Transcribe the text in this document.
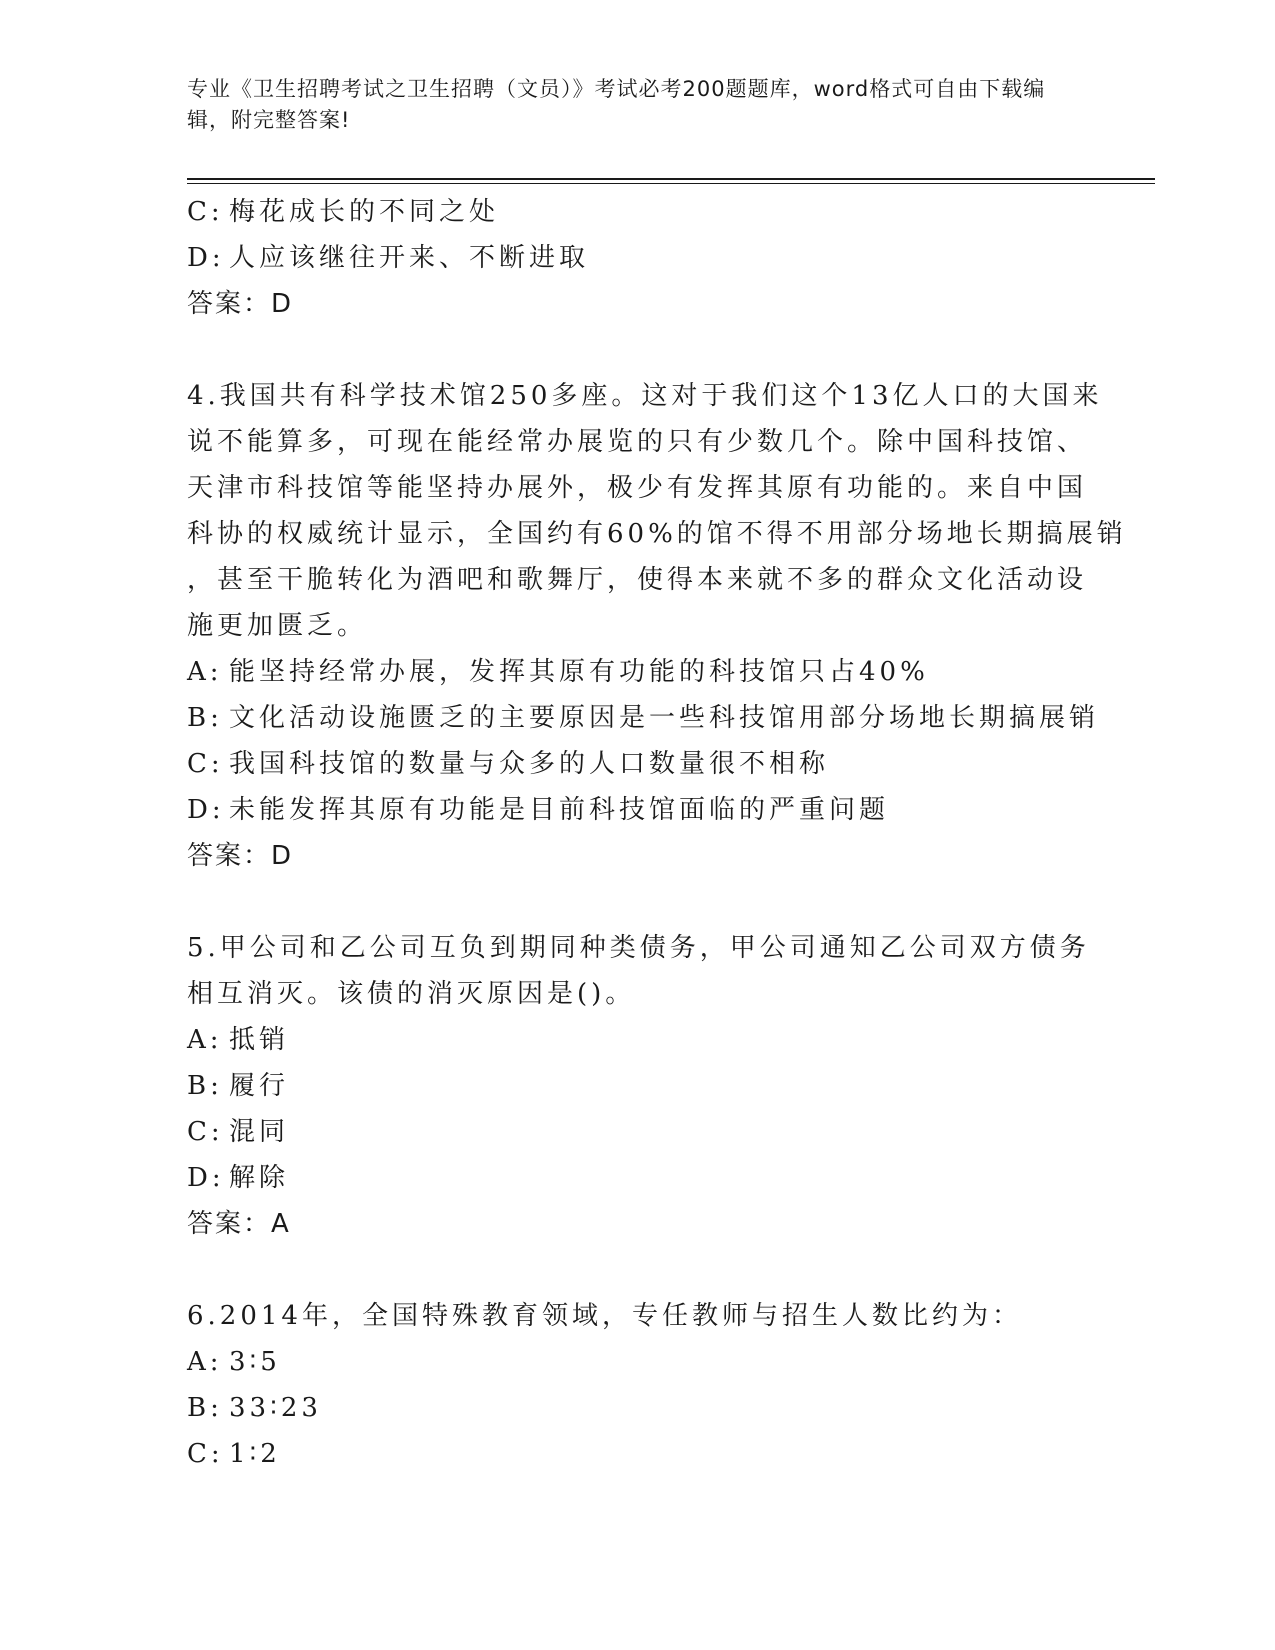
专业《卫生招聘考试之卫生招聘（文员）》考试必考200题题库，word格式可自由下载编辑，附完整答案!
C: 梅花成长的不同之处
D: 人应该继往开来、不断进取
答案：D
4.我国共有科学技术馆250多座。这对于我们这个13亿人口的大国来
说不能算多，可现在能经常办展览的只有少数几个。除中国科技馆、
天津市科技馆等能坚持办展外，极少有发挥其原有功能的。来自中国
科协的权威统计显示，全国约有60%的馆不得不用部分场地长期搞展销
，甚至干脆转化为酒吧和歌舞厅，使得本来就不多的群众文化活动设
施更加匮乏。
A: 能坚持经常办展，发挥其原有功能的科技馆只占40%
B: 文化活动设施匮乏的主要原因是一些科技馆用部分场地长期搞展销
C: 我国科技馆的数量与众多的人口数量很不相称
D: 未能发挥其原有功能是目前科技馆面临的严重问题
答案：D
5.甲公司和乙公司互负到期同种类债务，甲公司通知乙公司双方债务
相互消灭。该债的消灭原因是()。
A: 抵销
B: 履行
C: 混同
D: 解除
答案：A
6.2014年，全国特殊教育领域，专任教师与招生人数比约为：
A: 3∶5
B: 33∶23
C: 1∶2
